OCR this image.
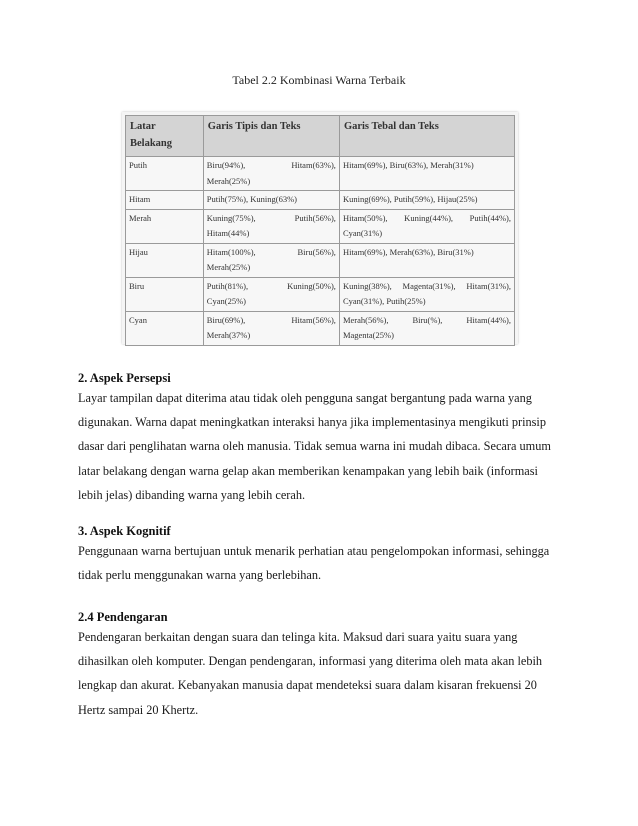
Tabel 2.2 Kombinasi Warna Terbaik
Latar Belakang	Garis Tipis dan Teks	Garis Tebal dan Teks
Putih	Biru(94%), Hitam(63%), Merah(25%)	Hitam(69%), Biru(63%), Merah(31%)
Hitam	Putih(75%), Kuning(63%)	Kuning(69%), Putih(59%), Hijau(25%)
Merah	Kuning(75%), Putih(56%), Hitam(44%)	Hitam(50%), Kuning(44%), Putih(44%), Cyan(31%)
Hijau	Hitam(100%), Biru(56%), Merah(25%)	Hitam(69%), Merah(63%), Biru(31%)
Biru	Putih(81%), Kuning(50%), Cyan(25%)	Kuning(38%), Magenta(31%), Hitam(31%), Cyan(31%), Putih(25%)
Cyan	Biru(69%), Hitam(56%), Merah(37%)	Merah(56%), Biru(%), Hitam(44%), Magenta(25%)
2. Aspek Persepsi

Layar tampilan dapat diterima atau tidak oleh pengguna sangat bergantung pada warna yang digunakan. Warna dapat meningkatkan interaksi hanya jika implementasinya mengikuti prinsip dasar dari penglihatan warna oleh manusia. Tidak semua warna ini mudah dibaca. Secara umum latar belakang dengan warna gelap akan memberikan kenampakan yang lebih baik (informasi lebih jelas) dibanding warna yang lebih cerah.

3. Aspek Kognitif

Penggunaan warna bertujuan untuk menarik perhatian atau pengelompokan informasi, sehingga tidak perlu menggunakan warna yang berlebihan.

2.4 Pendengaran

Pendengaran berkaitan dengan suara dan telinga kita. Maksud dari suara yaitu suara yang dihasilkan oleh komputer. Dengan pendengaran, informasi yang diterima oleh mata akan lebih lengkap dan akurat. Kebanyakan manusia dapat mendeteksi suara dalam kisaran frekuensi 20 Hertz sampai 20 Khertz.
